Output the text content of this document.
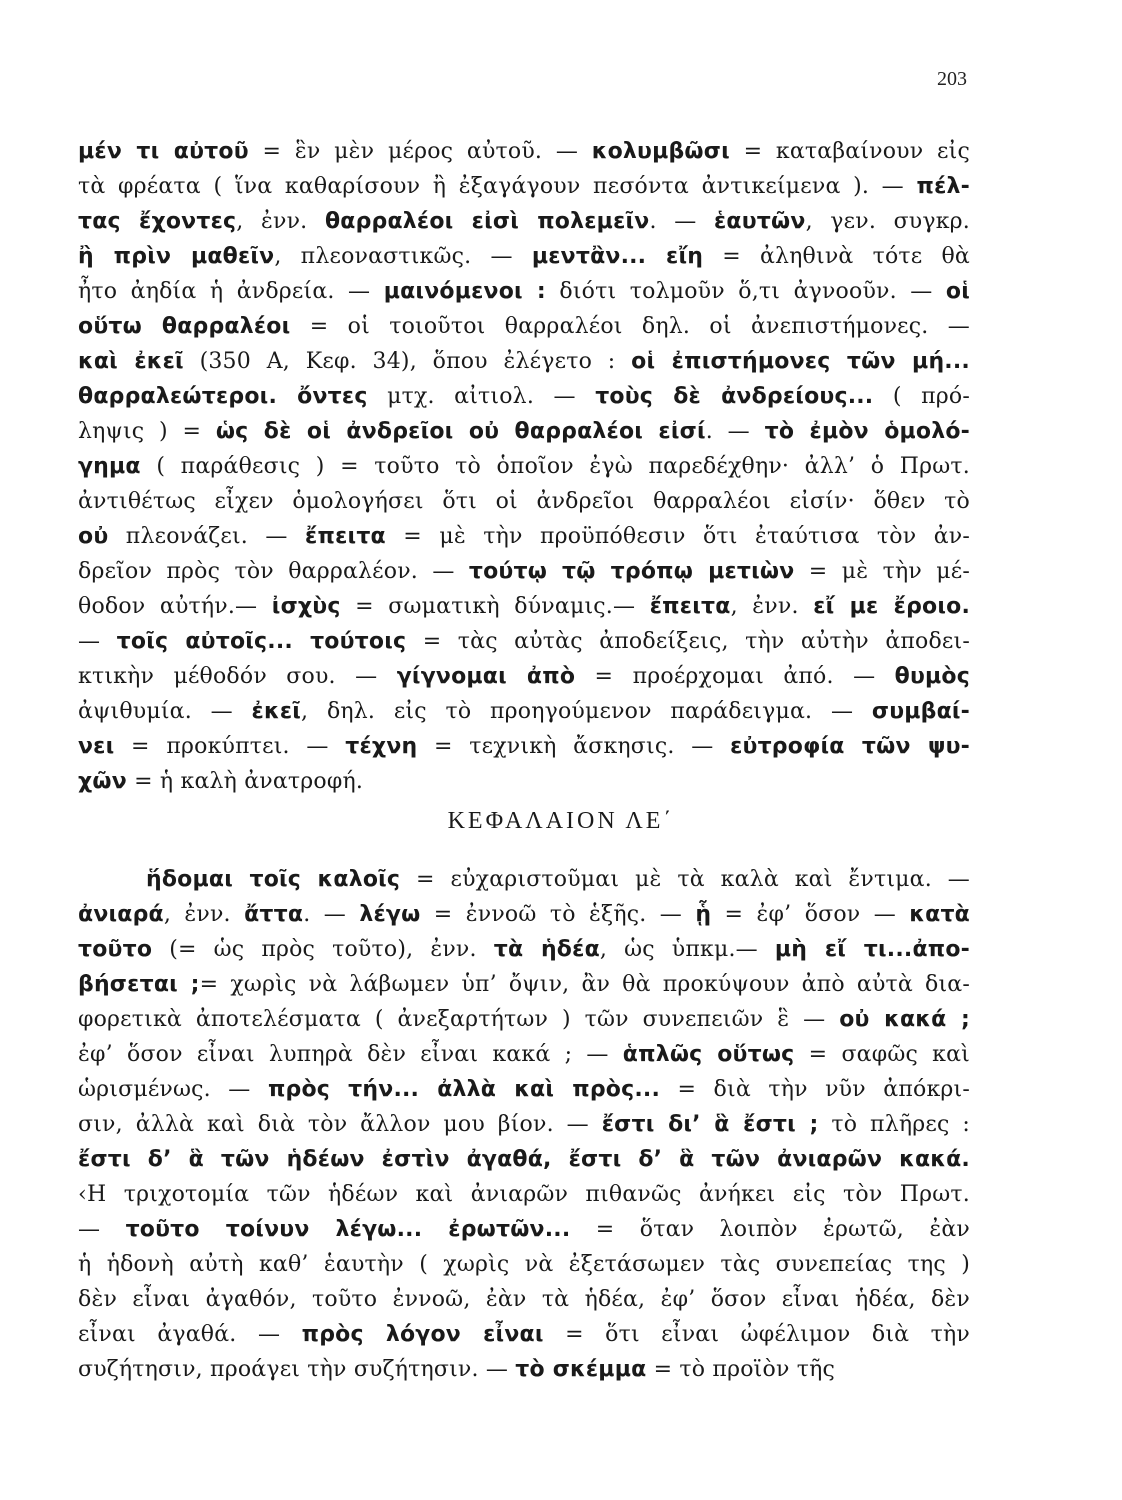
203
μέν τι αὐτοῦ = ἓν μὲν μέρος αὐτοῦ. — κολυμβῶσι = καταβαίνουν εἰς
τὰ φρέατα ( ἵνα καθαρίσουν ἢ ἐξαγάγουν πεσόντα ἀντικείμενα ). — πέλ-
τας ἔχοντες, ἐνν. θαρραλέοι εἰσὶ πολεμεῖν. — ἑαυτῶν, γεν. συγκρ.
ἢ πρὶν μαθεῖν, πλεοναστικῶς. — μεντἂν... εἴη = ἀληθινὰ τότε θὰ
ἦτο ἀηδία ἡ ἀνδρεία. — μαινόμενοι : διότι τολμοῦν ὅ,τι ἀγνοοῦν. — οἱ
οὕτω θαρραλέοι = οἱ τοιοῦτοι θαρραλέοι δηλ. οἱ ἀνεπιστήμονες. —
καὶ ἐκεῖ (350 Α, Κεφ. 34), ὅπου ἐλέγετο : οἱ ἐπιστήμονες τῶν μή...
θαρραλεώτεροι. ὄντες μτχ. αἰτιολ. — τοὺς δὲ ἀνδρείους... ( πρό-
ληψις ) = ὡς δὲ οἱ ἀνδρεῖοι οὐ θαρραλέοι εἰσί. — τὸ ἐμὸν ὁμολό-
γημα ( παράθεσις ) = τοῦτο τὸ ὁποῖον ἐγὼ παρεδέχθην· ἀλλ’ ὁ Πρωτ.
ἀντιθέτως εἶχεν ὁμολογήσει ὅτι οἱ ἀνδρεῖοι θαρραλέοι εἰσίν· ὅθεν τὸ
οὐ πλεονάζει. — ἔπειτα = μὲ τὴν προϋπόθεσιν ὅτι ἐταύτισα τὸν ἀν-
δρεῖον πρὸς τὸν θαρραλέον. — τούτῳ τῷ τρόπῳ μετιὼν = μὲ τὴν μέ-
θοδον αὐτήν.— ἰσχὺς = σωματικὴ δύναμις.— ἔπειτα, ἐνν. εἴ με ἔροιο.
— τοῖς αὐτοῖς... τούτοις = τὰς αὐτὰς ἀποδείξεις, τὴν αὐτὴν ἀποδει-
κτικὴν μέθοδόν σου. — γίγνομαι ἀπὸ = προέρχομαι ἀπό. — θυμὸς
ἀψιθυμία. — ἐκεῖ, δηλ. εἰς τὸ προηγούμενον παράδειγμα. — συμβαί-
νει = προκύπτει. — τέχνη = τεχνικὴ ἄσκησις. — εὐτροφία τῶν ψυ-
χῶν = ἡ καλὴ ἀνατροφή.
ΚΕΦΑΛΑΙΟΝ ΛΕ΄
ἥδομαι τοῖς καλοῖς = εὐχαριστοῦμαι μὲ τὰ καλὰ καὶ ἔντιμα. —
ἀνιαρά, ἐνν. ἄττα. — λέγω = ἐννοῶ τὸ ἑξῆς. — ᾗ = ἐφ’ ὅσον — κατὰ
τοῦτο (= ὡς πρὸς τοῦτο), ἐνν. τὰ ἡδέα, ὡς ὑπκμ.— μὴ εἴ τι...ἀπο-
βήσεται ;= χωρὶς νὰ λάβωμεν ὑπ’ ὄψιν, ἂν θὰ προκύψουν ἀπὸ αὐτὰ δια-
φορετικὰ ἀποτελέσματα ( ἀνεξαρτήτων ) τῶν συνεπειῶν ἓ — οὐ κακά ;
ἐφ’ ὅσον εἶναι λυπηρὰ δὲν εἶναι κακά ; — ἁπλῶς οὕτως = σαφῶς καὶ
ὡρισμένως. — πρὸς τήν... ἀλλὰ καὶ πρὸς... = διὰ τὴν νῦν ἀπόκρι-
σιν, ἀλλὰ καὶ διὰ τὸν ἄλλον μου βίον. — ἔστι δι’ ἃ ἔστι ; τὸ πλῆρες :
ἔστι δ’ ἃ τῶν ἡδέων ἐστὶν ἀγαθά, ἔστι δ’ ἃ τῶν ἀνιαρῶν κακά.
‹Η τριχοτομία τῶν ἡδέων καὶ ἀνιαρῶν πιθανῶς ἀνήκει εἰς τὸν Πρωτ.
— τοῦτο τοίνυν λέγω... ἐρωτῶν... = ὅταν λοιπὸν ἐρωτῶ, ἐὰν
ἡ ἡδονὴ αὐτὴ καθ’ ἑαυτὴν ( χωρὶς νὰ ἐξετάσωμεν τὰς συνεπείας της )
δὲν εἶναι ἀγαθόν, τοῦτο ἐννοῶ, ἐὰν τὰ ἡδέα, ἐφ’ ὅσον εἶναι ἡδέα, δὲν
εἶναι ἀγαθά. — πρὸς λόγον εἶναι = ὅτι εἶναι ὠφέλιμον διὰ τὴν
συζήτησιν, προάγει τὴν συζήτησιν. — τὸ σκέμμα = τὸ προϊὸν τῆς
